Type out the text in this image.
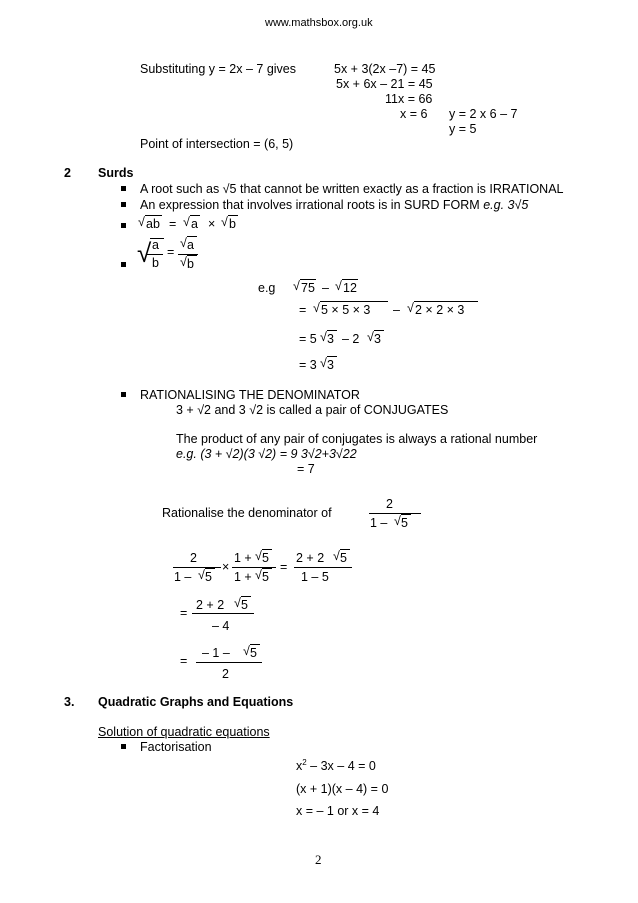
www.mathsbox.org.uk
Substituting y = 2x – 7 gives	5x + 3(2x –7) = 45
5x + 6x – 21 = 45
11x = 66
x = 6 y = 2 x 6 – 7
y = 5
Point of intersection = (6, 5)
2 Surds
A root such as √5 that cannot be written exactly as a fraction is IRRATIONAL
An expression that involves irrational roots is in SURD FORM e.g. 3√5
√ ab = √ a × √ b
√ a
b
=
√ a
√ b
e.g √ 75 – √ 12
= √ 5 × 5 × 3 – √ 2 × 2 × 3
= 5 √ 3 – 2 √ 3
= 3 √ 3
RATIONALISING THE DENOMINATOR
3 + √2 and 3 √2 is called a pair of CONJUGATES
The product of any pair of conjugates is always a rational number
e.g. (3 + √2)(3 √2) = 9 3√2+3√22
= 7
Rationalise the denominator of
2
1 – √ 5
2
1 – √ 5
×
1 + √ 5
1 + √ 5
=
2 + 2 √ 5
1 – 5
=
2 + 2 √ 5
– 4
=
– 1 – √ 5
2
3. Quadratic Graphs and Equations
Solution of quadratic equations
Factorisation
$x^2 - 3x - 4 = 0$
(x + 1)(x – 4) = 0
x = – 1 or x = 4
2
